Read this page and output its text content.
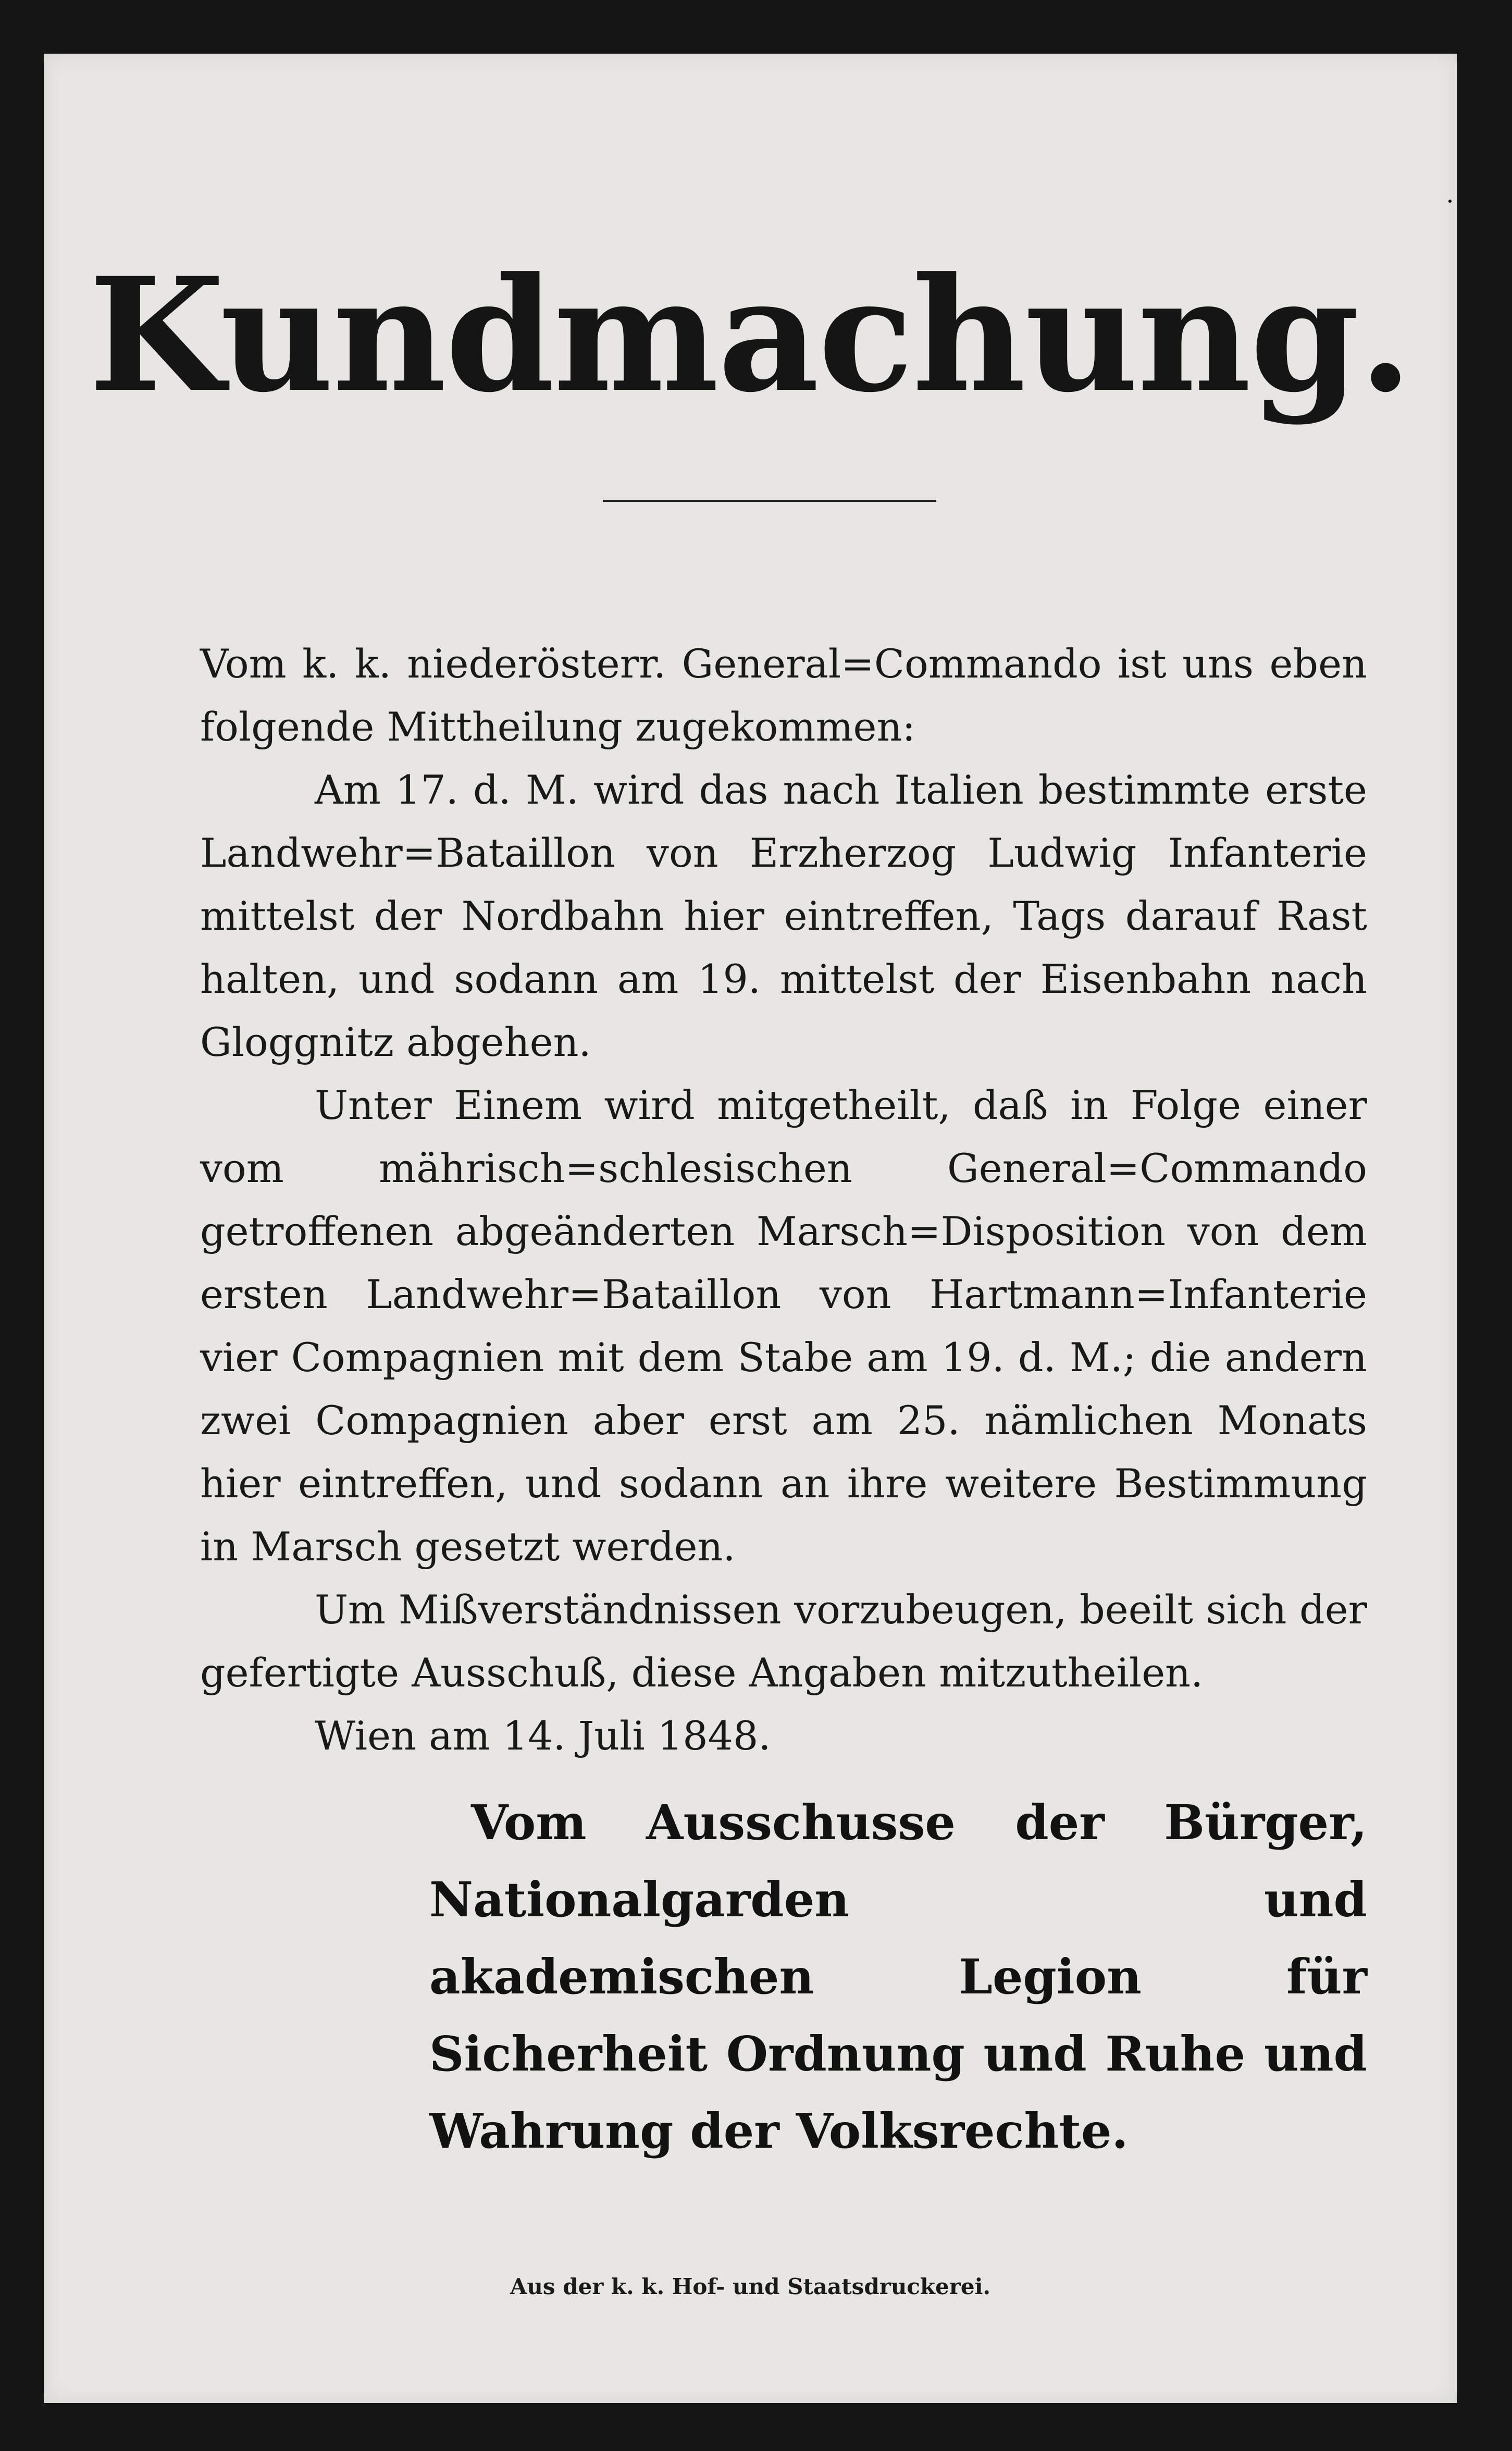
Kundmachung.

Vom k. k. niederösterr. General=Commando ist uns eben folgende Mittheilung zugekommen:

Am 17. d. M. wird das nach Italien bestimmte erste Landwehr=Bataillon von Erzherzog Ludwig Infanterie mittelst der Nordbahn hier eintreffen, Tags darauf Rast halten, und sodann am 19. mittelst der Eisenbahn nach Gloggnitz abgehen.

Unter Einem wird mitgetheilt, daß in Folge einer vom mährisch=schlesischen General=Commando getroffenen abgeänderten Marsch=Disposition von dem ersten Landwehr=Bataillon von Hartmann=Infanterie vier Compagnien mit dem Stabe am 19. d. M.; die andern zwei Compagnien aber erst am 25. nämlichen Monats hier eintreffen, und sodann an ihre weitere Bestimmung in Marsch gesetzt werden.

Um Mißverständnissen vorzubeugen, beeilt sich der gefertigte Ausschuß, diese Angaben mitzutheilen.

Wien am 14. Juli 1848.

Vom Ausschusse der Bürger, Nationalgarden und akademischen Legion für Sicherheit Ordnung und Ruhe und Wahrung der Volksrechte.
Aus der k. k. Hof- und Staatsdruckerei.
